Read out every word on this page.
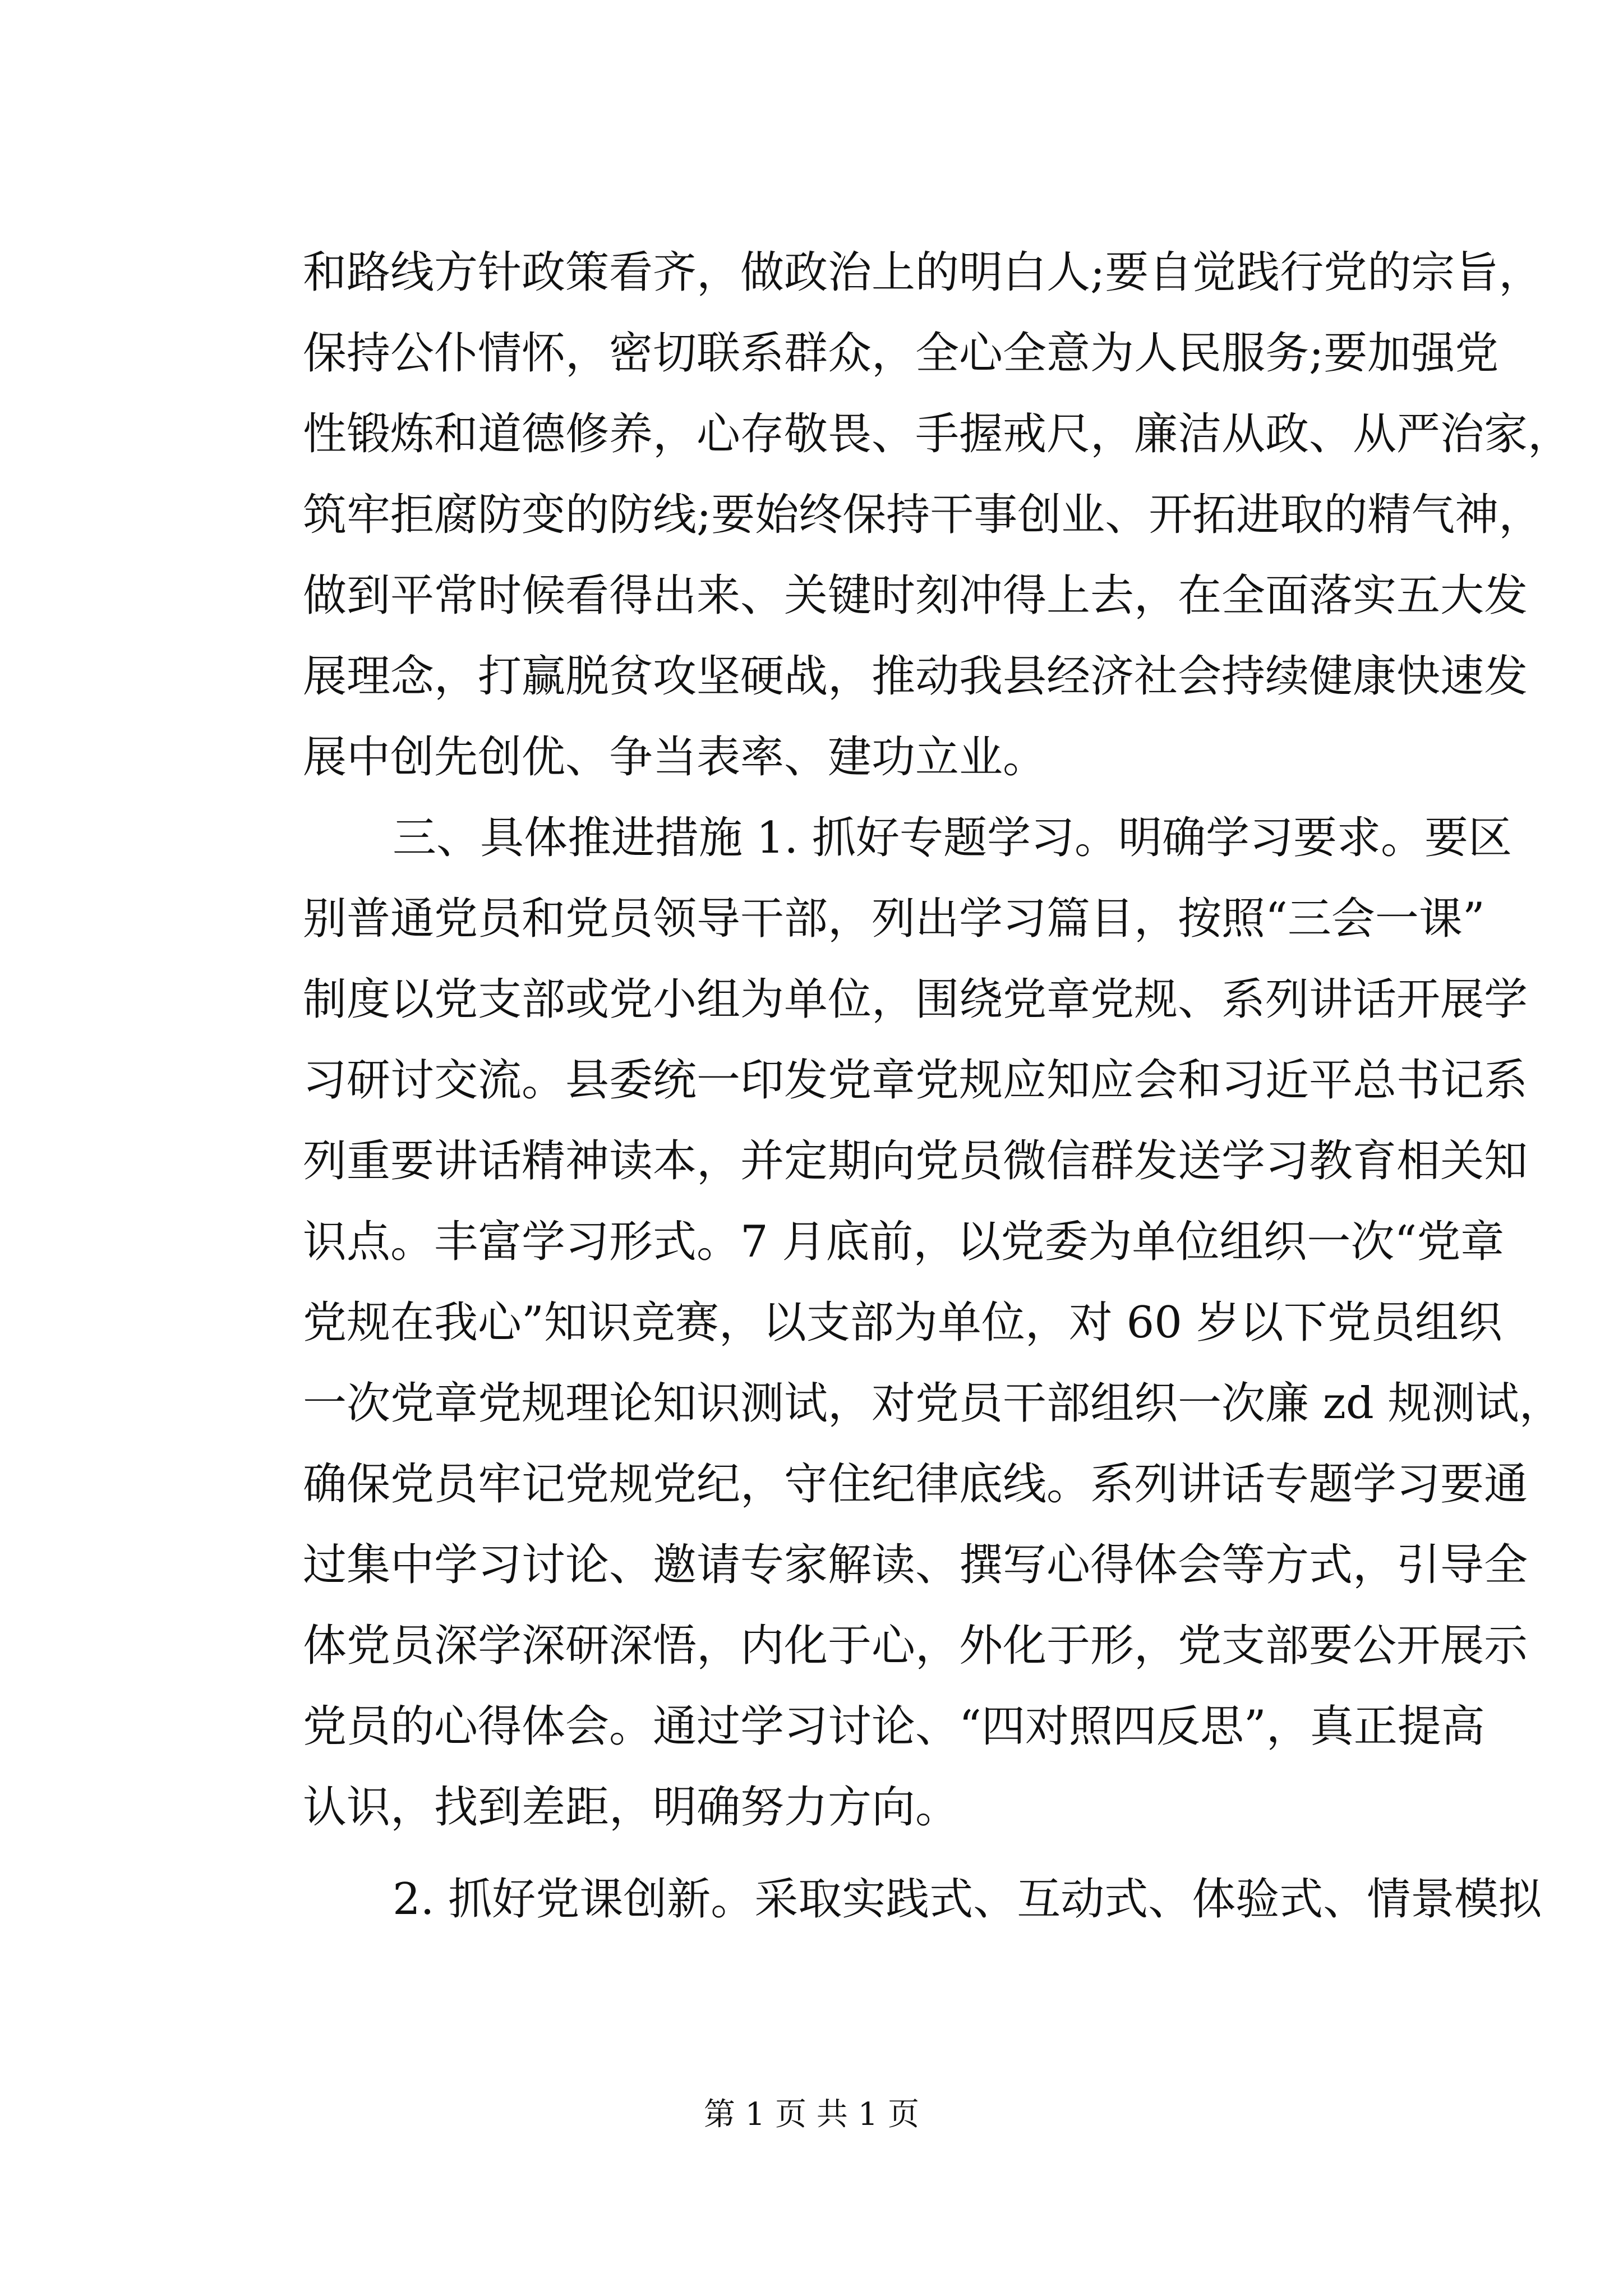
和路线方针政策看齐，做政治上的明白人;要自觉践行党的宗旨，
保持公仆情怀，密切联系群众，全心全意为人民服务;要加强党
性锻炼和道德修养，心存敬畏、手握戒尺，廉洁从政、从严治家，
筑牢拒腐防变的防线;要始终保持干事创业、开拓进取的精气神，
做到平常时候看得出来、关键时刻冲得上去，在全面落实五大发
展理念，打赢脱贫攻坚硬战，推动我县经济社会持续健康快速发
展中创先创优、争当表率、建功立业。
三、具体推进措施 1. 抓好专题学习。明确学习要求。要区
别普通党员和党员领导干部，列出学习篇目，按照“三会一课”
制度以党支部或党小组为单位，围绕党章党规、系列讲话开展学
习研讨交流。县委统一印发党章党规应知应会和习近平总书记系
列重要讲话精神读本，并定期向党员微信群发送学习教育相关知
识点。丰富学习形式。7 月底前，以党委为单位组织一次“党章
党规在我心”知识竞赛，以支部为单位，对 60 岁以下党员组织
一次党章党规理论知识测试，对党员干部组织一次廉 zd 规测试，
确保党员牢记党规党纪，守住纪律底线。系列讲话专题学习要通
过集中学习讨论、邀请专家解读、撰写心得体会等方式，引导全
体党员深学深研深悟，内化于心，外化于形，党支部要公开展示
党员的心得体会。通过学习讨论、“四对照四反思”，真正提高
认识，找到差距，明确努力方向。
2. 抓好党课创新。采取实践式、互动式、体验式、情景模拟
第 1 页 共 1 页
